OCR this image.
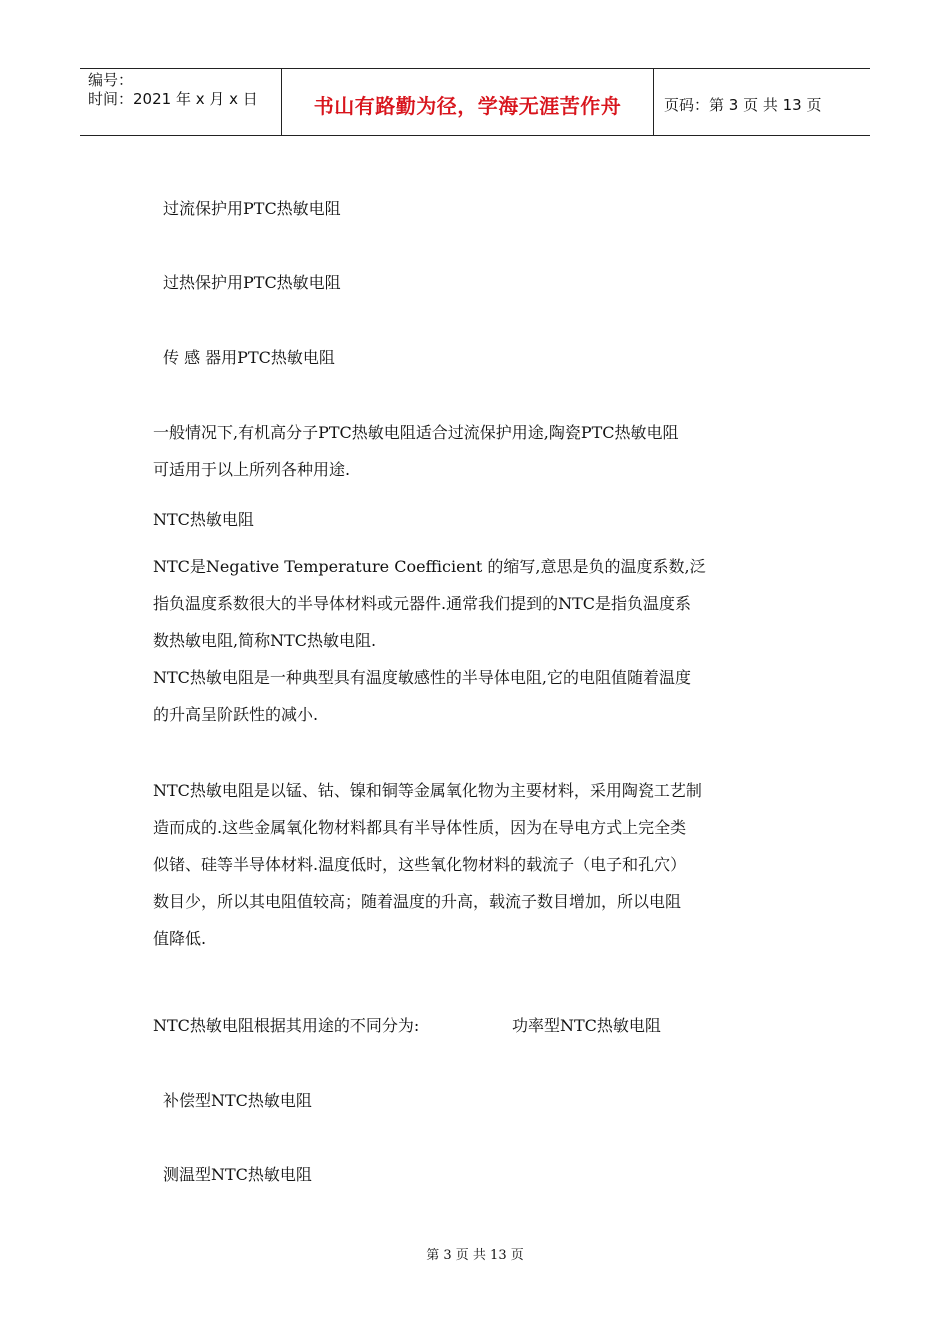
编号：
时间：2021 年 x 月 x 日	书山有路勤为径，学海无涯苦作舟	页码：第 3 页 共 13 页
过流保护用PTC热敏电阻
过热保护用PTC热敏电阻
传 感 器用PTC热敏电阻
一般情况下,有机高分子PTC热敏电阻适合过流保护用途,陶瓷PTC热敏电阻
可适用于以上所列各种用途.
NTC热敏电阻
NTC是Negative Temperature Coefficient 的缩写,意思是负的温度系数,泛
指负温度系数很大的半导体材料或元器件.通常我们提到的NTC是指负温度系
数热敏电阻,简称NTC热敏电阻.
NTC热敏电阻是一种典型具有温度敏感性的半导体电阻,它的电阻值随着温度
的升高呈阶跃性的减小.
NTC热敏电阻是以锰、钴、镍和铜等金属氧化物为主要材料，采用陶瓷工艺制
造而成的.这些金属氧化物材料都具有半导体性质，因为在导电方式上完全类
似锗、硅等半导体材料.温度低时，这些氧化物材料的载流子（电子和孔穴）
数目少，所以其电阻值较高；随着温度的升高，载流子数目增加，所以电阻
值降低.
NTC热敏电阻根据其用途的不同分为:	功率型NTC热敏电阻
补偿型NTC热敏电阻
测温型NTC热敏电阻
第 3 页 共 13 页
